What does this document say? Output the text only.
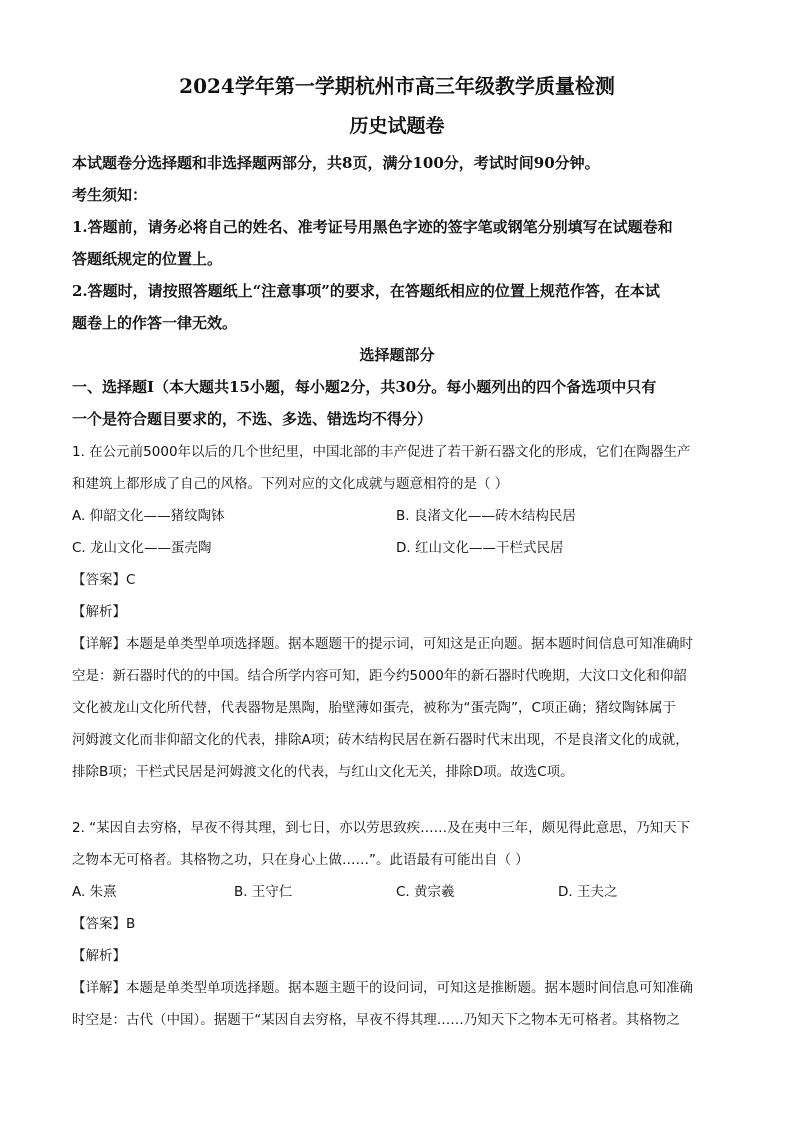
2024学年第一学期杭州市高三年级教学质量检测
历史试题卷
本试题卷分选择题和非选择题两部分，共8页，满分100分，考试时间90分钟。
考生须知：
1.答题前，请务必将自己的姓名、准考证号用黑色字迹的签字笔或钢笔分别填写在试题卷和
答题纸规定的位置上。
2.答题时，请按照答题纸上“注意事项”的要求，在答题纸相应的位置上规范作答，在本试
题卷上的作答一律无效。
选择题部分
一、选择题Ⅰ（本大题共15小题，每小题2分，共30分。每小题列出的四个备选项中只有
一个是符合题目要求的，不选、多选、错选均不得分）
1. 在公元前5000年以后的几个世纪里，中国北部的丰产促进了若干新石器文化的形成，它们在陶器生产
和建筑上都形成了自己的风格。下列对应的文化成就与题意相符的是（ ）
A. 仰韶文化——猪纹陶钵	B. 良渚文化——砖木结构民居
C. 龙山文化——蛋壳陶	D. 红山文化——干栏式民居
【答案】C
【解析】
【详解】本题是单类型单项选择题。据本题题干的提示词，可知这是正向题。据本题时间信息可知准确时
空是：新石器时代的的中国。结合所学内容可知，距今约5000年的新石器时代晚期，大汶口文化和仰韶
文化被龙山文化所代替，代表器物是黑陶，胎壁薄如蛋壳，被称为“蛋壳陶”，C项正确；猪纹陶钵属于
河姆渡文化而非仰韶文化的代表，排除A项；砖木结构民居在新石器时代末出现，不是良渚文化的成就，
排除B项；干栏式民居是河姆渡文化的代表，与红山文化无关，排除D项。故选C项。
2. “某因自去穷格，早夜不得其理，到七日，亦以劳思致疾……及在夷中三年，颇见得此意思，乃知天下
之物本无可格者。其格物之功，只在身心上做……”。此语最有可能出自（ ）
A. 朱熹	B. 王守仁	C. 黄宗羲	D. 王夫之
【答案】B
【解析】
【详解】本题是单类型单项选择题。据本题主题干的设问词，可知这是推断题。据本题时间信息可知准确
时空是：古代（中国）。据题干“某因自去穷格，早夜不得其理……乃知天下之物本无可格者。其格物之
